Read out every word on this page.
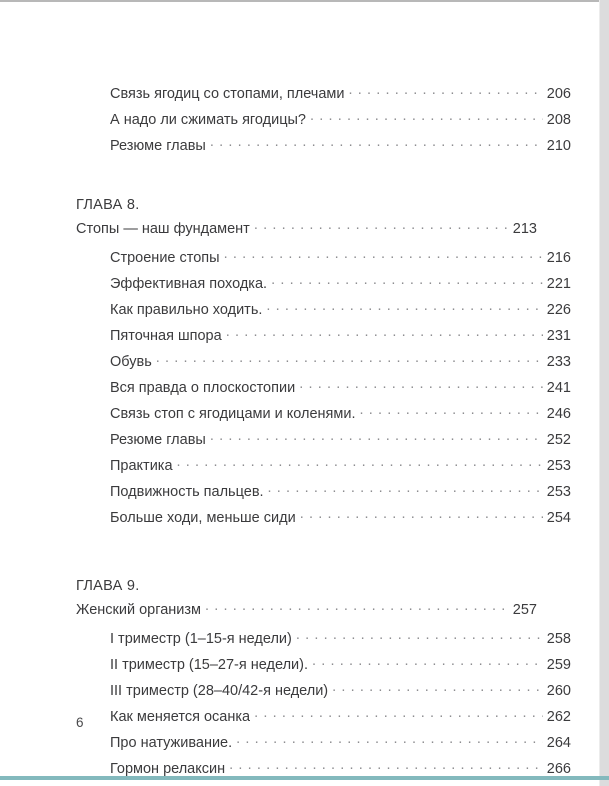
Связь ягодиц со стопами, плечами . . .	206
А надо ли сжимать ягодицы? . . .	208
Резюме главы . . .	210
ГЛАВА 8.
Стопы — наш фундамент . . .	213
Строение стопы . . .	216
Эффективная походка. . . .	221
Как правильно ходить. . . .	226
Пяточная шпора . . .	231
Обувь . . .	233
Вся правда о плоскостопии . . .	241
Связь стоп с ягодицами и коленями. . . .	246
Резюме главы . . .	252
Практика . . .	253
Подвижность пальцев. . . .	253
Больше ходи, меньше сиди . . .	254
ГЛАВА 9.
Женский организм . . .	257
I триместр (1–15-я недели) . . .	258
II триместр (15–27-я недели). . . .	259
III триместр (28–40/42-я недели) . . .	260
Как меняется осанка . . .	262
Про натуживание. . . .	264
Гормон релаксин . . .	266
6
